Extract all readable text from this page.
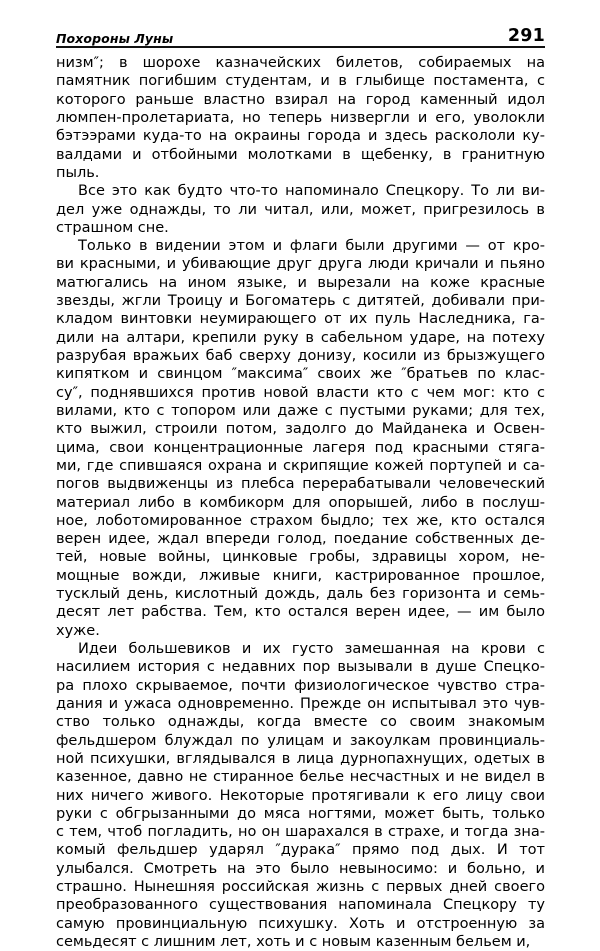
Похороны Луны	291

низм″; в шорохе казначейских билетов, собираемых на
памятник погибшим студентам, и в глыбище постамента, с
которого раньше властно взирал на город каменный идол
люмпен-пролетариата, но теперь низвергли и его, уволокли
бэтээрами куда-то на окраины города и здесь раскололи ку-
валдами и отбойными молотками в щебенку, в гранитную
пыль.

Все это как будто что-то напоминало Спецкору. То ли ви-
дел уже однажды, то ли читал, или, может, пригрезилось в
страшном сне.

Только в видении этом и флаги были другими — от кро-
ви красными, и убивающие друг друга люди кричали и пьяно
матюгались на ином языке, и вырезали на коже красные
звезды, жгли Троицу и Богоматерь с дитятей, добивали при-
кладом винтовки неумирающего от их пуль Наследника, га-
дили на алтари, крепили руку в сабельном ударе, на потеху
разрубая вражьих баб сверху донизу, косили из брызжущего
кипятком и свинцом ″максима″ своих же ″братьев по клас-
су″, поднявшихся против новой власти кто с чем мог: кто с
вилами, кто с топором или даже с пустыми руками; для тех,
кто выжил, строили потом, задолго до Майданека и Освен-
цима, свои концентрационные лагеря под красными стяга-
ми, где спившаяся охрана и скрипящие кожей портупей и са-
погов выдвиженцы из плебса перерабатывали человеческий
материал либо в комбикорм для опорышей, либо в послуш-
ное, лоботомированное страхом быдло; тех же, кто остался
верен идее, ждал впереди голод, поедание собственных де-
тей, новые войны, цинковые гробы, здравицы хором, не-
мощные вожди, лживые книги, кастрированное прошлое,
тусклый день, кислотный дождь, даль без горизонта и семь-
десят лет рабства. Тем, кто остался верен идее, — им было
хуже.

Идеи большевиков и их густо замешанная на крови с
насилием история с недавних пор вызывали в душе Спецко-
ра плохо скрываемое, почти физиологическое чувство стра-
дания и ужаса одновременно. Прежде он испытывал это чув-
ство только однажды, когда вместе со своим знакомым
фельдшером блуждал по улицам и закоулкам провинциаль-
ной психушки, вглядывался в лица дурнопахнущих, одетых в
казенное, давно не стиранное белье несчастных и не видел в
них ничего живого. Некоторые протягивали к его лицу свои
руки с обгрызанными до мяса ногтями, может быть, только
с тем, чтоб погладить, но он шарахался в страхе, и тогда зна-
комый фельдшер ударял ″дурака″ прямо под дых. И тот
улыбался. Смотреть на это было невыносимо: и больно, и
страшно. Нынешняя российская жизнь с первых дней своего
преобразованного существования напоминала Спецкору ту
самую провинциальную психушку. Хоть и отстроенную за
семьдесят с лишним лет, хоть и с новым казенным бельем и,
